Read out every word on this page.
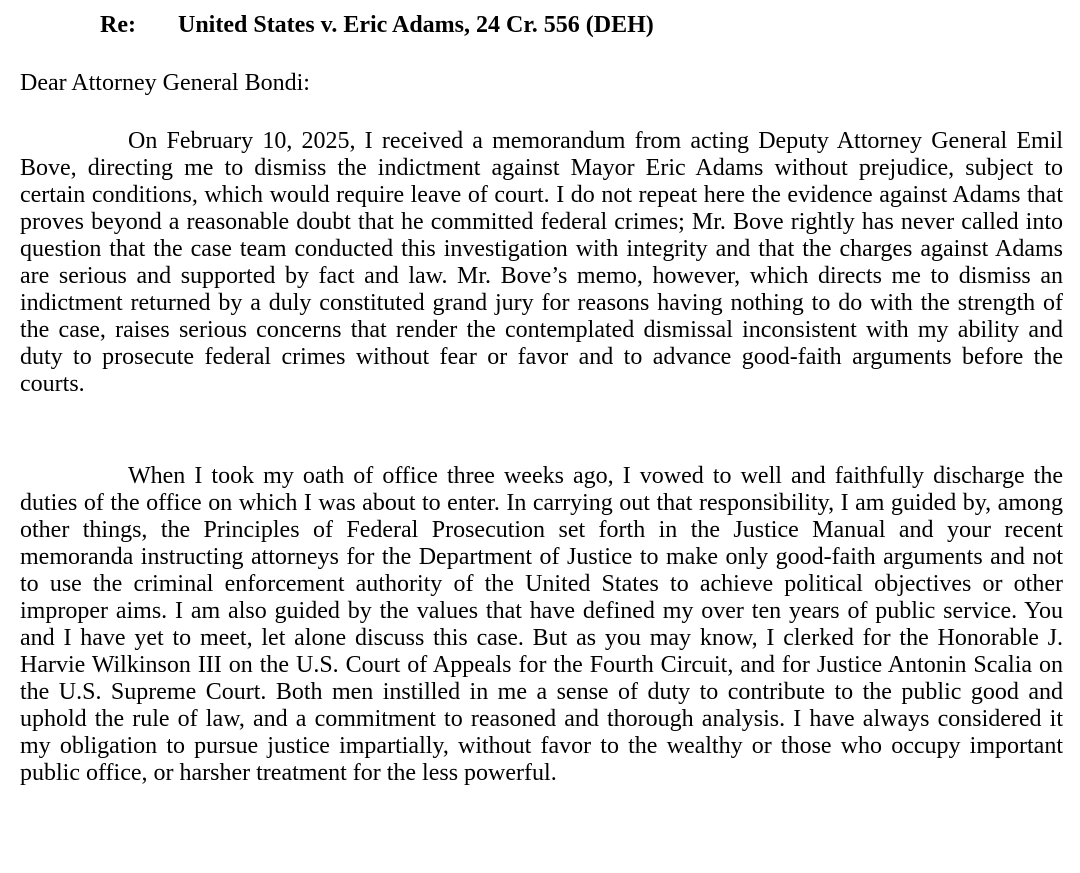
Re: United States v. Eric Adams, 24 Cr. 556 (DEH)
Dear Attorney General Bondi:

On February 10, 2025, I received a memorandum from acting Deputy Attorney General Emil Bove, directing me to dismiss the indictment against Mayor Eric Adams without prejudice, subject to certain conditions, which would require leave of court. I do not repeat here the evidence against Adams that proves beyond a reasonable doubt that he committed federal crimes; Mr. Bove rightly has never called into question that the case team conducted this investigation with integrity and that the charges against Adams are serious and supported by fact and law. Mr. Bove’s memo, however, which directs me to dismiss an indictment returned by a duly constituted grand jury for reasons having nothing to do with the strength of the case, raises serious concerns that render the contemplated dismissal inconsistent with my ability and duty to prosecute federal crimes without fear or favor and to advance good-faith arguments before the courts.

When I took my oath of office three weeks ago, I vowed to well and faithfully discharge the duties of the office on which I was about to enter. In carrying out that responsibility, I am guided by, among other things, the Principles of Federal Prosecution set forth in the Justice Manual and your recent memoranda instructing attorneys for the Department of Justice to make only good-faith arguments and not to use the criminal enforcement authority of the United States to achieve political objectives or other improper aims. I am also guided by the values that have defined my over ten years of public service. You and I have yet to meet, let alone discuss this case. But as you may know, I clerked for the Honorable J. Harvie Wilkinson III on the U.S. Court of Appeals for the Fourth Circuit, and for Justice Antonin Scalia on the U.S. Supreme Court. Both men instilled in me a sense of duty to contribute to the public good and uphold the rule of law, and a commitment to reasoned and thorough analysis. I have always considered it my obligation to pursue justice impartially, without favor to the wealthy or those who occupy important public office, or harsher treatment for the less powerful.
